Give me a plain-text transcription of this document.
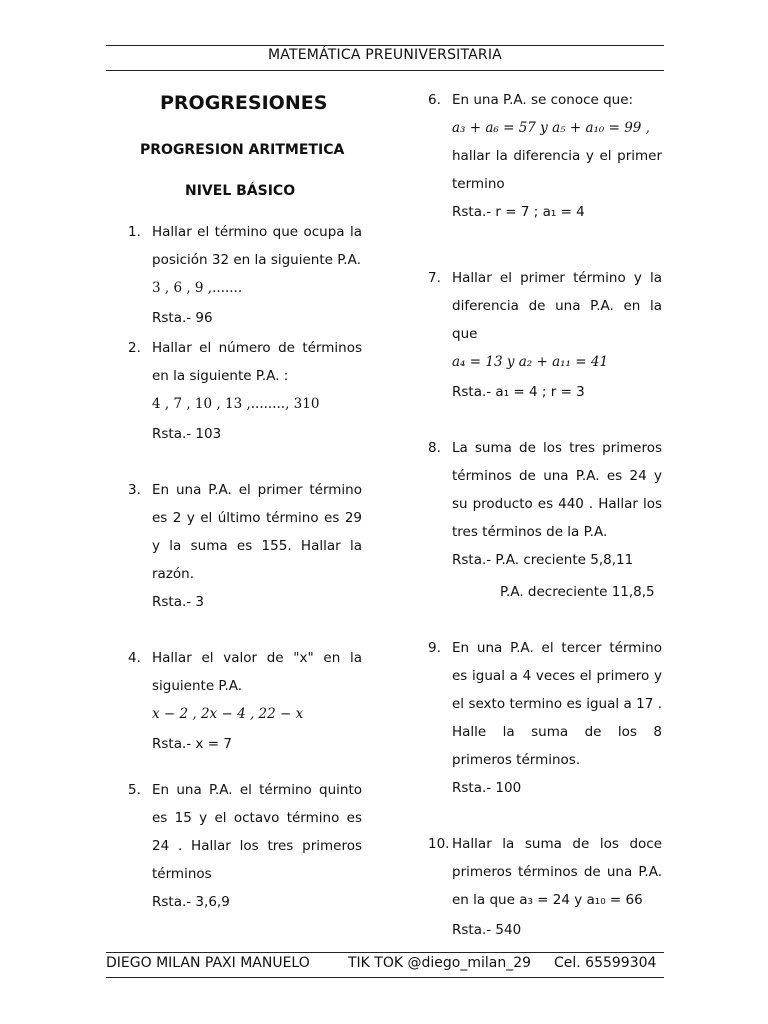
MATEMÁTICA PREUNIVERSITARIA
PROGRESIONES
PROGRESION ARITMETICA
NIVEL BÁSICO
1. Hallar el término que ocupa la posición 32 en la siguiente P.A.
3 , 6 , 9 ,.......
Rsta.- 96
2. Hallar el número de términos en la siguiente P.A. :
4 , 7 , 10 , 13 ,........, 310
Rsta.- 103
3. En una P.A. el primer término es 2 y el último término es 29 y la suma es 155. Hallar la razón.
Rsta.- 3
4. Hallar el valor de "x" en la siguiente P.A.
x − 2 , 2x − 4 , 22 − x
Rsta.- x = 7
5. En una P.A. el término quinto es 15 y el octavo término es 24 . Hallar los tres primeros términos
Rsta.- 3,6,9
6. En una P.A. se conoce que:
a₃ + a₆ = 57 y a₅ + a₁₀ = 99 ,
hallar la diferencia y el primer termino
Rsta.- r = 7 ; a₁ = 4
7. Hallar el primer término y la diferencia de una P.A. en la que
a₄ = 13 y a₂ + a₁₁ = 41
Rsta.- a₁ = 4 ; r = 3
8. La suma de los tres primeros términos de una P.A. es 24 y su producto es 440 . Hallar los tres términos de la P.A.
Rsta.- P.A. creciente 5,8,11
P.A. decreciente 11,8,5
9. En una P.A. el tercer término es igual a 4 veces el primero y el sexto termino es igual a 17 . Halle la suma de los 8 primeros términos.
Rsta.- 100
10. Hallar la suma de los doce primeros términos de una P.A. en la que a₃ = 24 y a₁₀ = 66
Rsta.- 540
DIEGO MILAN PAXI MANUELO	TIK TOK @diego_milan_29 Cel. 65599304
